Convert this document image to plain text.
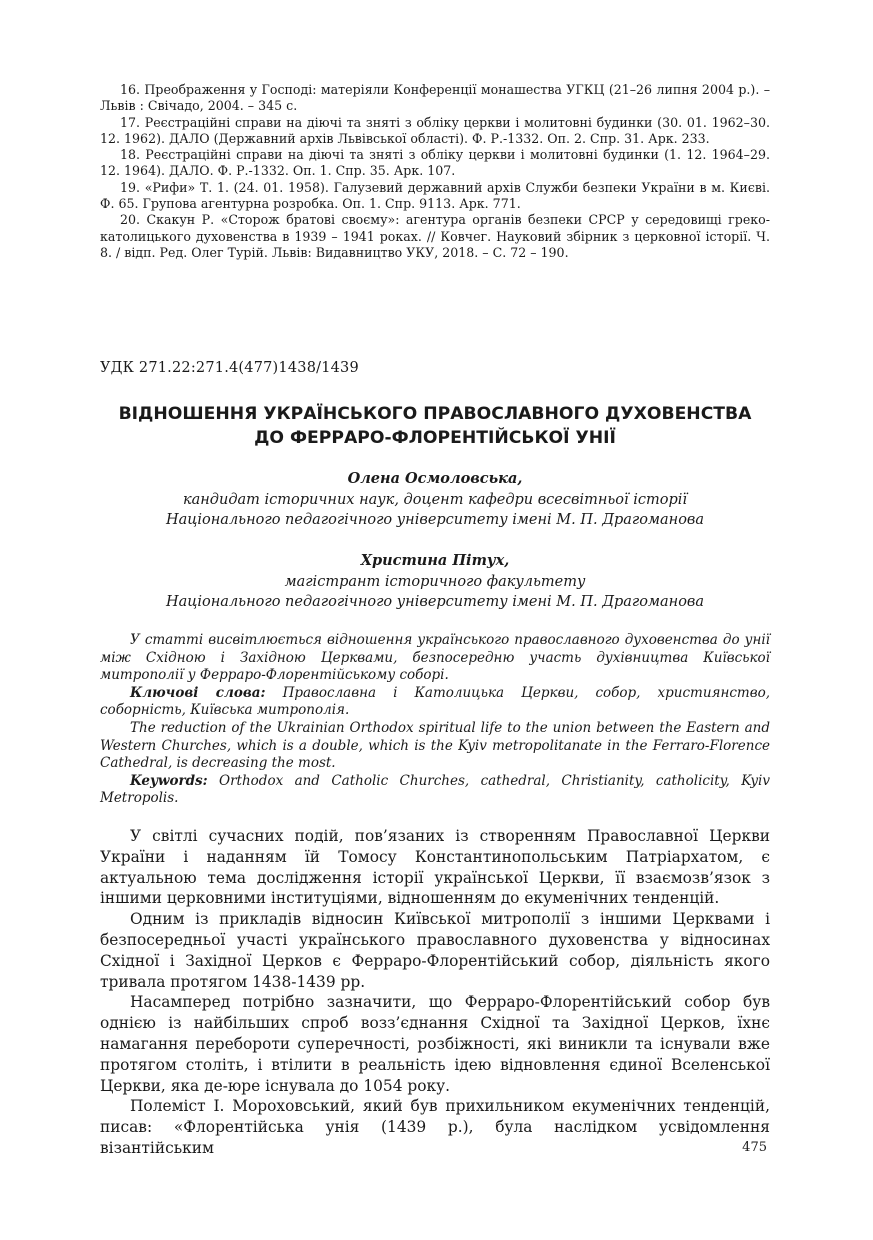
16. Преображення у Господі: матеріяли Конференції монашества УГКЦ (21–26 липня 2004 р.). – Львів : Свічадо, 2004. – 345 с.

17. Реєстраційні справи на діючі та зняті з обліку церкви і молитовні будинки (30. 01. 1962–30. 12. 1962). ДАЛО (Державний архів Львівської області). Ф. Р.-1332. Оп. 2. Спр. 31. Арк. 233.

18. Реєстраційні справи на діючі та зняті з обліку церкви і молитовні будинки (1. 12. 1964–29. 12. 1964). ДАЛО. Ф. Р.-1332. Оп. 1. Спр. 35. Арк. 107.

19. «Рифи» Т. 1. (24. 01. 1958). Галузевий державний архів Служби безпеки України в м. Києві. Ф. 65. Групова агентурна розробка. Оп. 1. Спр. 9113. Арк. 771.

20. Скакун Р. «Сторож братові своєму»: агентура органів безпеки СРСР у середовищі греко-католицького духовенства в 1939 – 1941 роках. // Ковчег. Науковий збірник з церковної історії. Ч. 8. / відп. Ред. Олег Турій. Львів: Видавництво УКУ, 2018. – С. 72 – 190.

УДК 271.22:271.4(477)1438/1439
ВІДНОШЕННЯ УКРАЇНСЬКОГО ПРАВОСЛАВНОГО ДУХОВЕНСТВА
ДО ФЕРРАРО-ФЛОРЕНТІЙСЬКОЇ УНІЇ
Олена Осмоловська,
кандидат історичних наук, доцент кафедри всесвітньої історії
Національного педагогічного університету імені М. П. Драгоманова
Христина Пітух,
магістрант історичного факультету
Національного педагогічного університету імені М. П. Драгоманова

У статті висвітлюється відношення українського православного духовенства до унії між Східною і Західною Церквами, безпосередню участь духівництва Київської митрополії у Ферраро-Флорентійському соборі.

Ключові слова: Православна і Католицька Церкви, собор, християнство, соборність, Київська митрополія.

The reduction of the Ukrainian Orthodox spiritual life to the union between the Eastern and Western Churches, which is a double, which is the Kyiv metropolitanate in the Ferraro-Florence Cathedral, is decreasing the most.

Keywords: Orthodox and Catholic Churches, cathedral, Christianity, catholicity, Kyiv Metropolis.

У світлі сучасних подій, пов’язаних із створенням Православної Церкви України і наданням їй Томосу Константинопольським Патріархатом, є актуальною тема дослідження історії української Церкви, її взаємозв’язок з іншими церковними інституціями, відношенням до екуменічних тенденцій.

Одним із прикладів відносин Київської митрополії з іншими Церквами і безпосередньої участі українського православного духовенства у відносинах Східної і Західної Церков є Ферраро-Флорентійський собор, діяльність якого тривала протягом 1438-1439 рр.

Насамперед потрібно зазначити, що Ферраро-Флорентійський собор був однією із найбільших спроб возз’єднання Східної та Західної Церков, їхнє намагання перебороти суперечності, розбіжності, які виникли та існували вже протягом століть, і втілити в реальність ідею відновлення єдиної Вселенської Церкви, яка де-юре існувала до 1054 року.

Полеміст І. Мороховський, який був прихильником екуменічних тенденцій, писав: «Флорентійська унія (1439 р.), була наслідком усвідомлення візантійським	475
